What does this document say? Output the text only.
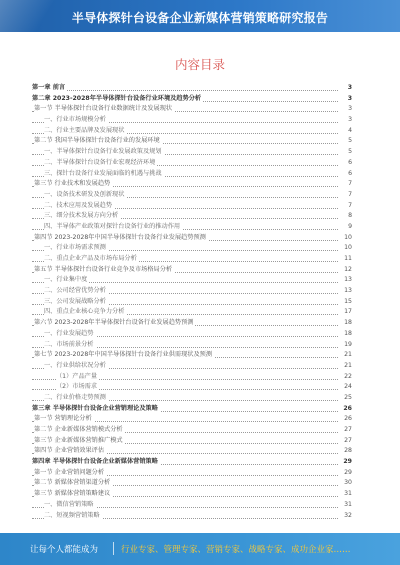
半导体探针台设备企业新媒体营销策略研究报告
内容目录
第一章 前言	3
第二章 2023-2028年半导体探针台设备行业环境及趋势分析	3
第一节 半导体探针台设备行业数据统计及发展现状	3
一、行业市场规模分析	3
二、行业主要品牌及发展现状	4
第二节 我国半导体探针台设备行业的发展环境	5
一、半导体探针台设备行业发展政策及规划	5
二、半导体探针台设备行业宏观经济环境	6
三、探针台设备行业发展面临的机遇与挑战	6
第三节 行业技术和发展趋势	7
一、设备技术研发及创新现状	7
二、技术应用及发展趋势	7
三、细分技术发展方向分析	8
四、半导体产业政策对探针台设备行业的推动作用	9
第四节 2023-2028年中国半导体探针台设备行业发展趋势预测	10
一、行业市场需求预测	10
二、重点企业产品及市场布局分析	11
第五节 半导体探针台设备行业竞争及市场格局分析	12
一、行业集中度	13
二、公司经营优势分析	13
三、公司发展战略分析	15
四、重点企业核心竞争力分析	17
第六节 2023-2028年半导体探针台设备行业发展趋势预测	18
一、行业发展趋势	18
二、市场前景分析	19
第七节 2023-2028年中国半导体探针台设备行业供需现状及预测	21
一、行业供给状况分析	21
（1）产品产量	22
（2）市场需求	24
二、行业价格走势预测	25
第三章 半导体探针台设备企业营销理论及策略	26
第一节 营销理论分析	26
第二节 企业新媒体营销模式分析	27
第三节 企业新媒体营销推广模式	27
第四节 企业营销效果评估	28
第四章 半导体探针台设备企业新媒体营销策略	29
第一节 企业营销问题分析	29
第二节 新媒体营销渠道分析	30
第三节 新媒体营销策略建议	31
一、微信营销策略	31
二、短视频营销策略	32
让每个人都能成为	行业专家、管理专家、营销专家、战略专家、成功企业家……
